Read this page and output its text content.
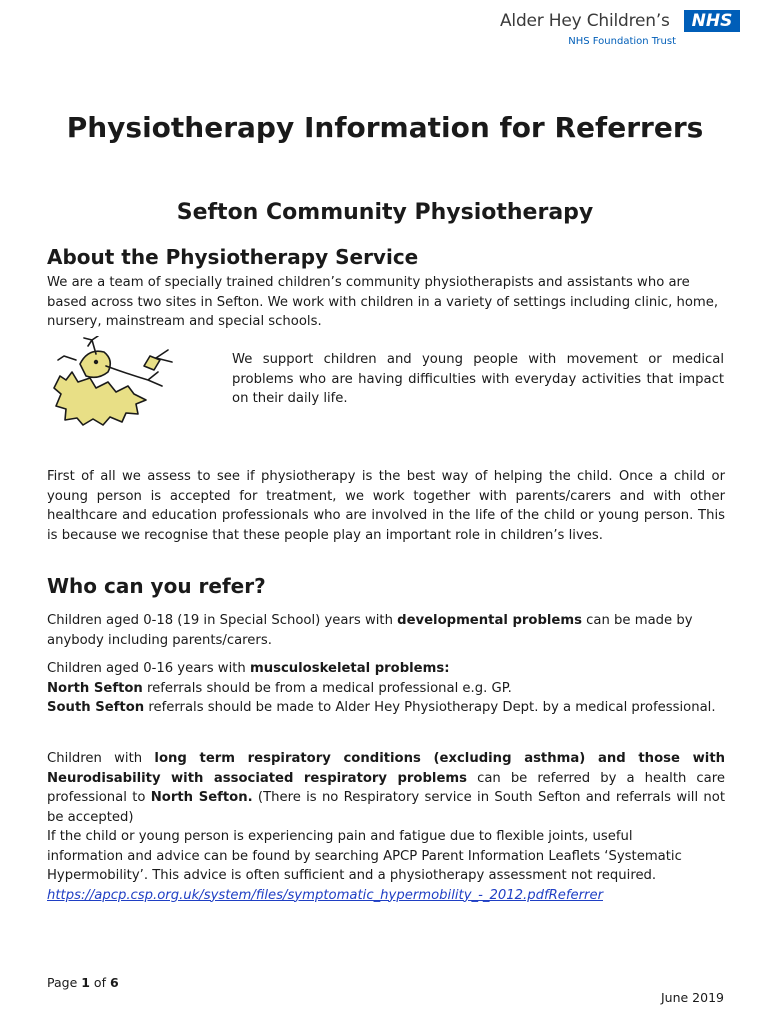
Alder Hey Children’s	NHS
NHS Foundation Trust
Physiotherapy Information for Referrers
Sefton Community Physiotherapy
About the Physiotherapy Service

We are a team of specially trained children’s community physiotherapists and assistants who are based across two sites in Sefton. We work with children in a variety of settings including clinic, home, nursery, mainstream and special schools.

We support children and young people with movement or medical problems who are having difficulties with everyday activities that impact on their daily life.

First of all we assess to see if physiotherapy is the best way of helping the child. Once a child or young person is accepted for treatment, we work together with parents/carers and with other healthcare and education professionals who are involved in the life of the child or young person. This is because we recognise that these people play an important role in children’s lives.

Who can you refer?

Children aged 0-18 (19 in Special School) years with developmental problems can be made by anybody including parents/carers.

Children aged 0-16 years with musculoskeletal problems:

North Sefton referrals should be from a medical professional e.g. GP.

South Sefton referrals should be made to Alder Hey Physiotherapy Dept. by a medical professional.

Children with long term respiratory conditions (excluding asthma) and those with Neurodisability with associated respiratory problems can be referred by a health care professional to North Sefton. (There is no Respiratory service in South Sefton and referrals will not be accepted)

If the child or young person is experiencing pain and fatigue due to flexible joints, useful information and advice can be found by searching APCP Parent Information Leaflets ‘Systematic Hypermobility’. This advice is often sufficient and a physiotherapy assessment not required.
https://apcp.csp.org.uk/system/files/symptomatic_hypermobility_-_2012.pdfReferrer

Page 1 of 6
June 2019
